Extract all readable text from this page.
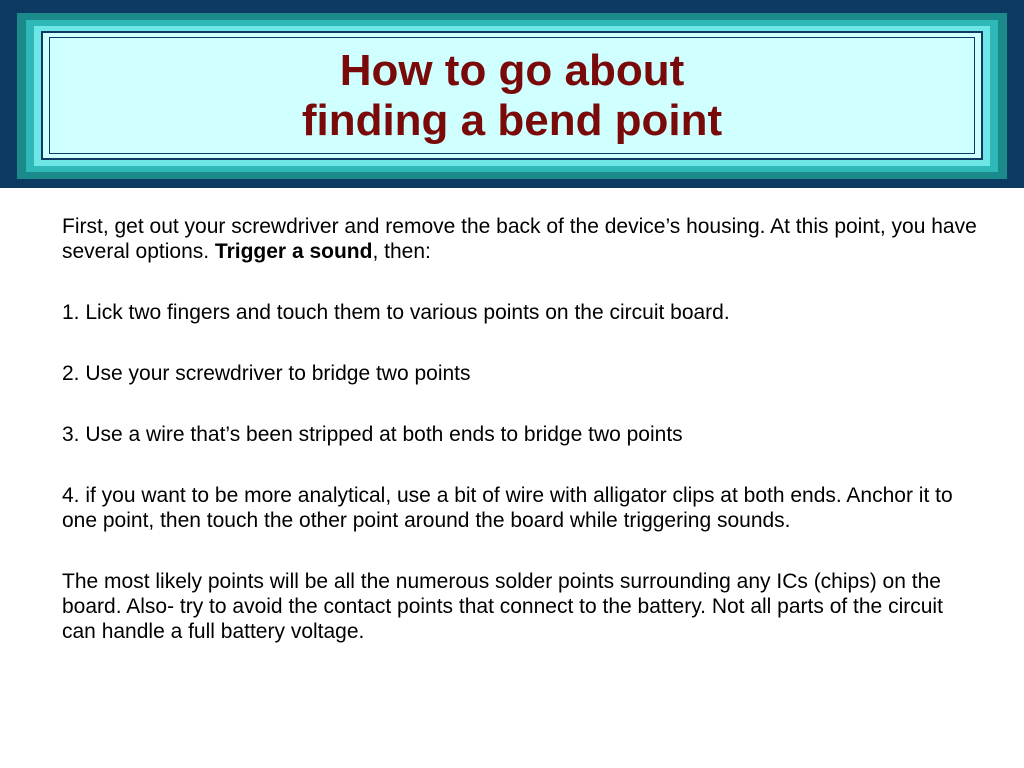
How to go about
finding a bend point

First, get out your screwdriver and remove the back of the device’s housing. At this point, you have several options. Trigger a sound, then:

1. Lick two fingers and touch them to various points on the circuit board.

2. Use your screwdriver to bridge two points

3. Use a wire that’s been stripped at both ends to bridge two points

4. if you want to be more analytical, use a bit of wire with alligator clips at both ends. Anchor it to one point, then touch the other point around the board while triggering sounds.

The most likely points will be all the numerous solder points surrounding any ICs (chips) on the board. Also- try to avoid the contact points that connect to the battery. Not all parts of the circuit can handle a full battery voltage.
